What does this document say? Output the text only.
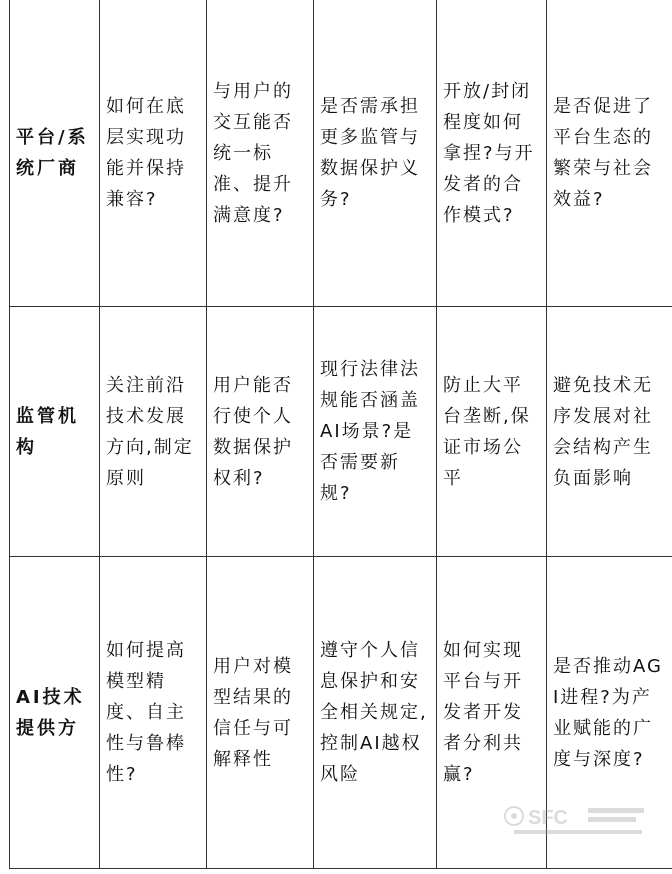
平台/系统厂商	如何在底层实现功能并保持兼容?	与用户的交互能否统一标准、提升满意度?	是否需承担更多监管与数据保护义务?	开放/封闭程度如何拿捏?与开发者的合作模式?	是否促进了平台生态的繁荣与社会效益?

监管机构	关注前沿技术发展方向,制定原则	用户能否行使个人数据保护权利?	现行法律法规能否涵盖AI场景?是否需要新规?	防止大平台垄断,保证市场公平	避免技术无序发展对社会结构产生负面影响

AI技术提供方	如何提高模型精度、自主性与鲁棒性?	用户对模型结果的信任与可解释性	遵守个人信息保护和安全相关规定,控制AI越权风险	如何实现平台与开发者开发者分利共赢?	是否推动AGI进程?为产业赋能的广度与深度?
SFC
